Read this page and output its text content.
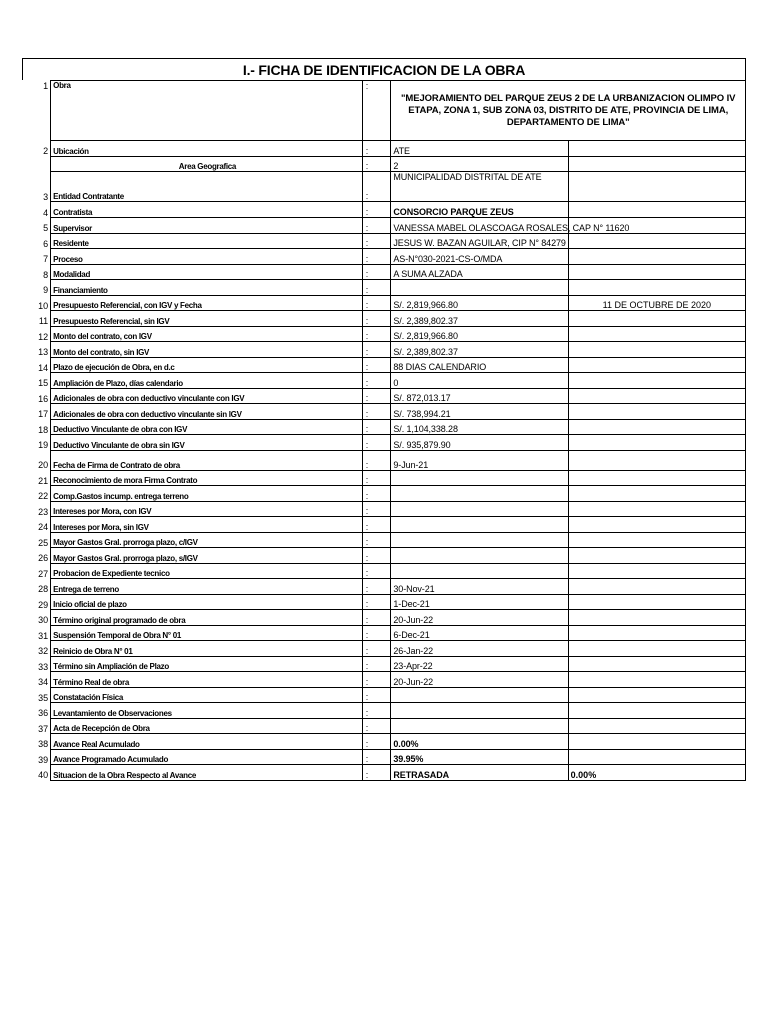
I.- FICHA DE IDENTIFICACION DE LA OBRA
1	Obra	:	"MEJORAMIENTO DEL PARQUE ZEUS 2 DE LA URBANIZACION OLIMPO IV ETAPA, ZONA 1, SUB ZONA 03, DISTRITO DE ATE, PROVINCIA DE LIMA, DEPARTAMENTO DE LIMA"	
2	Ubicación	:	ATE	
	Area Geografica	:	2	
3	Entidad Contratante	:	MUNICIPALIDAD DISTRITAL DE ATE	
4	Contratista	:	CONSORCIO PARQUE ZEUS	
5	Supervisor	:	VANESSA MABEL OLASCOAGA ROSALES, CAP N° 11620	
6	Residente	:	JESUS W. BAZAN AGUILAR, CIP N° 84279	
7	Proceso	:	AS-N°030-2021-CS-O/MDA	
8	Modalidad	:	A SUMA ALZADA	
9	Financiamiento	:		
10	Presupuesto Referencial, con IGV y Fecha	:	S/. 2,819,966.80	11 DE OCTUBRE DE 2020
11	Presupuesto Referencial, sin IGV	:	S/. 2,389,802.37	
12	Monto del contrato, con IGV	:	S/. 2,819,966.80	
13	Monto del contrato, sin IGV	:	S/. 2,389,802.37	
14	Plazo de ejecución de Obra, en d.c	:	88 DIAS CALENDARIO	
15	Ampliación de Plazo, días calendario	:	0	
16	Adicionales de obra con deductivo vinculante con IGV	:	S/. 872,013.17	
17	Adicionales de obra con deductivo vinculante sin IGV	:	S/. 738,994.21	
18	Deductivo Vinculante de obra con IGV	:	S/. 1,104,338.28	
19	Deductivo Vinculante de obra sin IGV	:	S/. 935,879.90	
20	Fecha de Firma de Contrato de obra	:	9-Jun-21	
21	Reconocimiento de mora Firma Contrato	:		
22	Comp.Gastos incump. entrega terreno	:		
23	Intereses por Mora, con IGV	:		
24	Intereses por Mora, sin IGV	:		
25	Mayor Gastos Gral. prorroga plazo, c/IGV	:		
26	Mayor Gastos Gral. prorroga plazo, s/IGV	:		
27	Probacion de Expediente tecnico	:		
28	Entrega de terreno	:	30-Nov-21	
29	Inicio oficial de plazo	:	1-Dec-21	
30	Término original programado de obra	:	20-Jun-22	
31	Suspensión Temporal de Obra N° 01	:	6-Dec-21	
32	Reinicio de Obra N° 01	:	26-Jan-22	
33	Término sin Ampliación de Plazo	:	23-Apr-22	
34	Término Real de obra	:	20-Jun-22	
35	Constatación Física	:		
36	Levantamiento de Observaciones	:		
37	Acta de Recepción de Obra	:		
38	Avance Real Acumulado	:	0.00%	
39	Avance Programado Acumulado	:	39.95%	
40	Situacion de la Obra Respecto al Avance	:	RETRASADA	0.00%
